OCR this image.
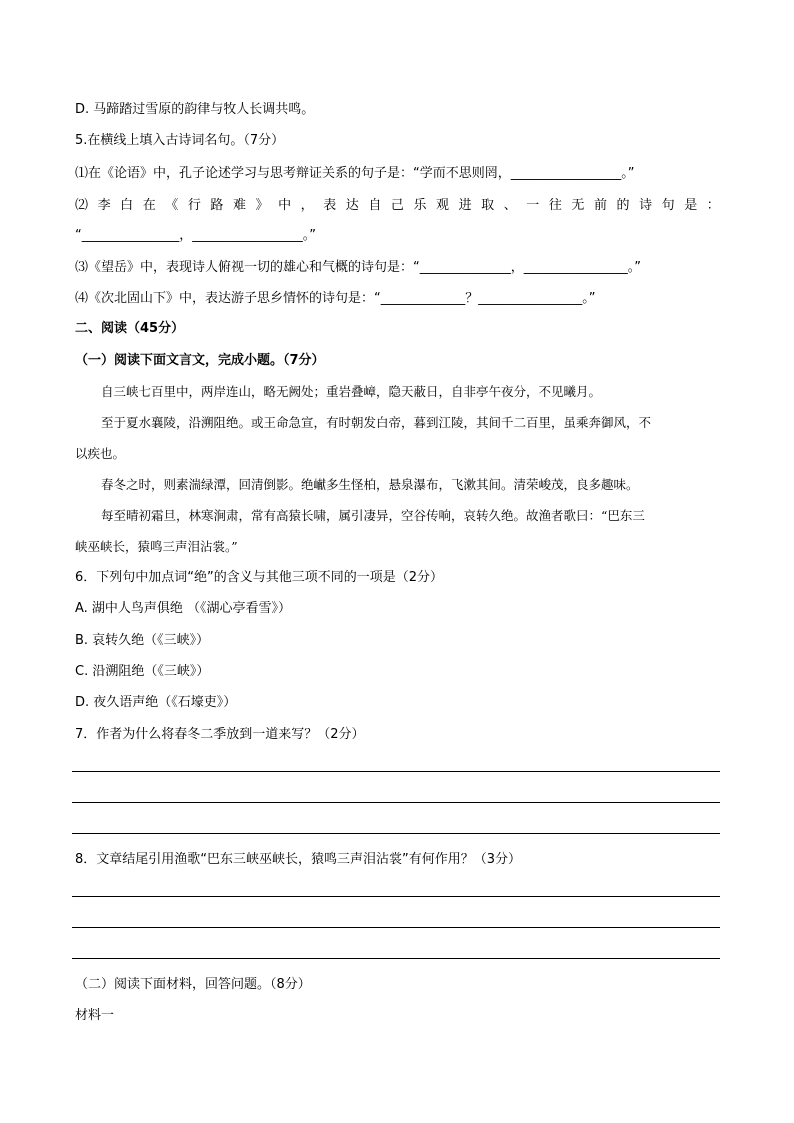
D. 马蹄踏过雪原的韵律与牧人长调共鸣。
5.在横线上填入古诗词名句。（7分）
⑴在《论语》中，孔子论述学习与思考辩证关系的句子是：“学而不思则罔，_________________。”
⑵ 李 白 在 《 行 路 难 》 中 ， 表 达 自 己 乐 观 进 取 、 一 往 无 前 的 诗 句 是 ：
“_______________，_________________。”
⑶《望岳》中，表现诗人俯视一切的雄心和气概的诗句是：“______________，________________。”
⑷《次北固山下》中，表达游子思乡情怀的诗句是：“_____________？________________。”
二、阅读（45分）
（一）阅读下面文言文，完成小题。（7分）
自三峡七百里中，两岸连山，略无阙处；重岩叠嶂，隐天蔽日，自非亭午夜分，不见曦月。
至于夏水襄陵，沿溯阻绝。或王命急宣，有时朝发白帝，暮到江陵，其间千二百里，虽乘奔御风，不
以疾也。
春冬之时，则素湍绿潭，回清倒影。绝𪩘多生怪柏，悬泉瀑布，飞漱其间。清荣峻茂，良多趣味。
每至晴初霜旦，林寒涧肃，常有高猿长啸，属引凄异，空谷传响，哀转久绝。故渔者歌曰：“巴东三
峡巫峡长，猿鸣三声泪沾裳。”
6．下列句中加点词“绝”的含义与其他三项不同的一项是（2分）
A. 湖中人鸟声俱绝 （《湖心亭看雪》）
B. 哀转久绝（《三峡》）
C. 沿溯阻绝（《三峡》）
D. 夜久语声绝（《石壕吏》）
7．作者为什么将春冬二季放到一道来写？（2分）
8．文章结尾引用渔歌“巴东三峡巫峡长，猿鸣三声泪沾裳”有何作用？（3分）
（二）阅读下面材料，回答问题。（8分）
材料一
